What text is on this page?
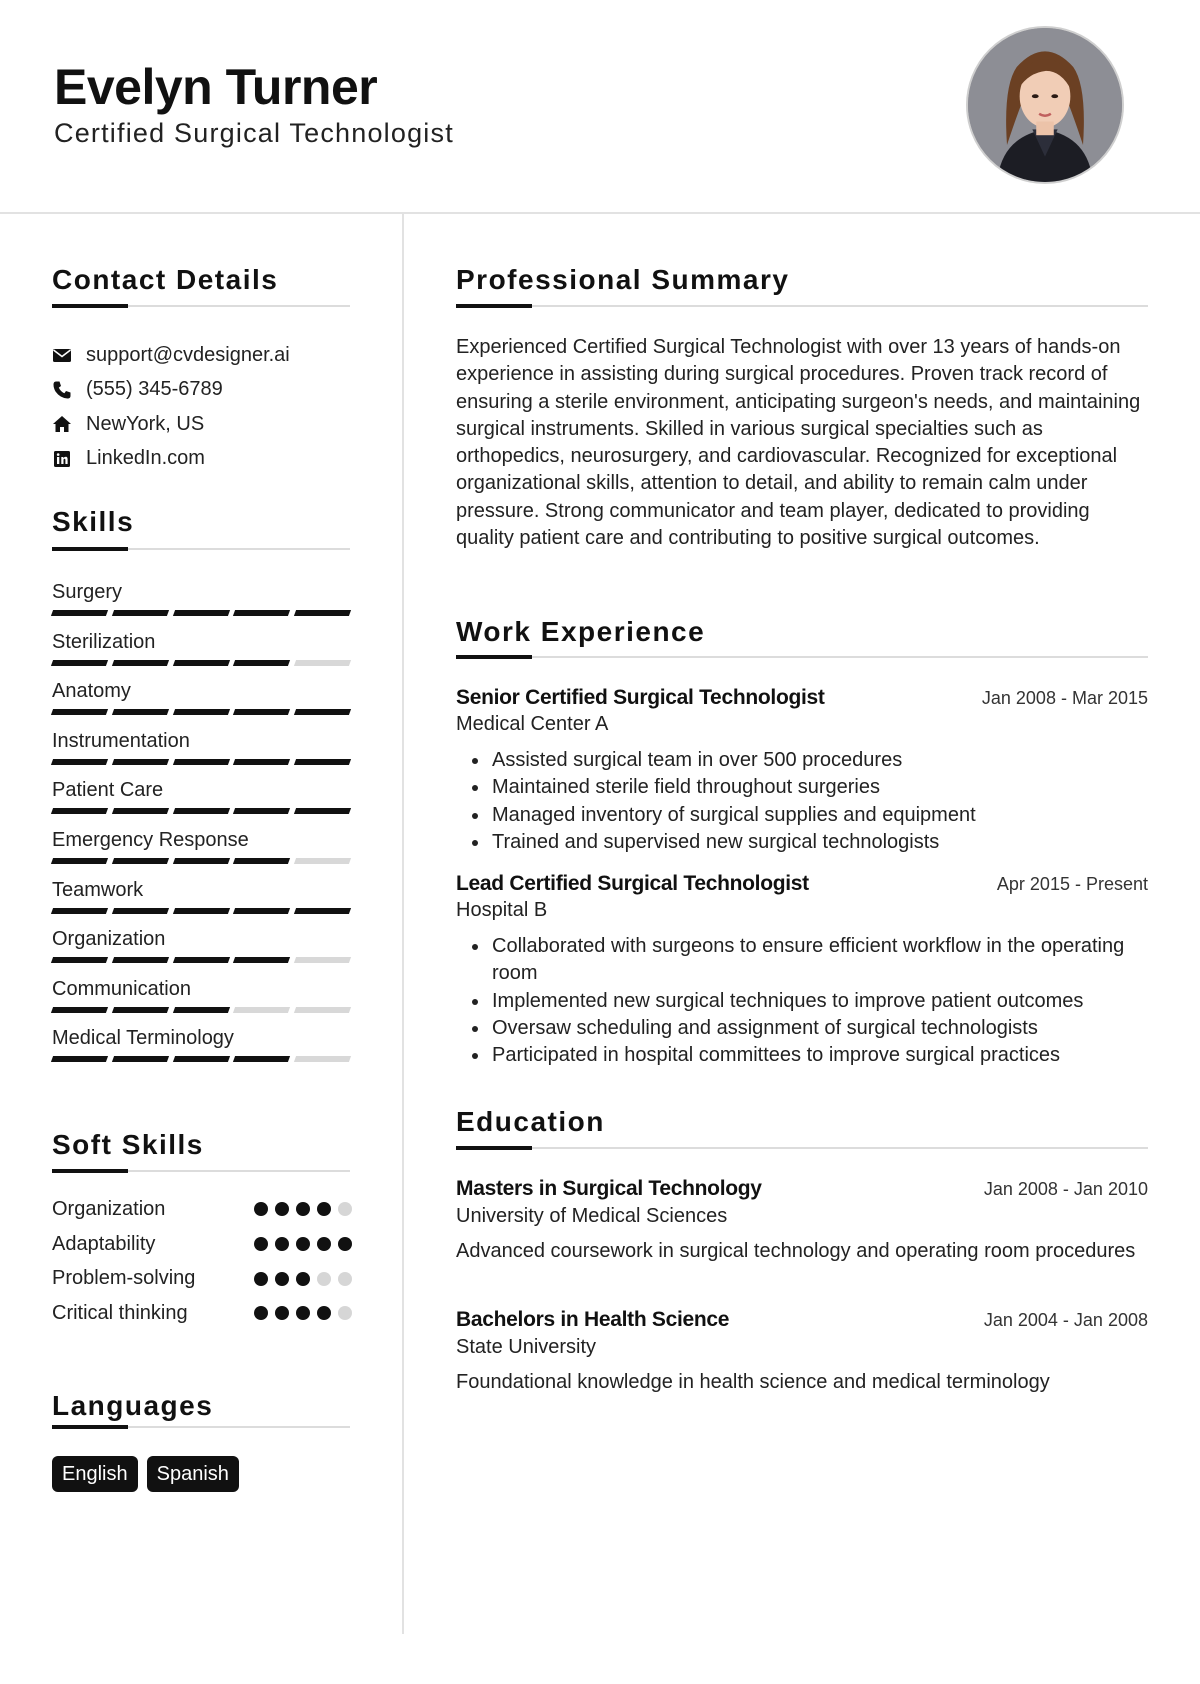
Evelyn Turner
Certified Surgical Technologist
Contact Details
support@cvdesigner.ai
(555) 345-6789
NewYork, US
LinkedIn.com
Skills
Surgery
Sterilization
Anatomy
Instrumentation
Patient Care
Emergency Response
Teamwork
Organization
Communication
Medical Terminology
Soft Skills
Organization
Adaptability
Problem-solving
Critical thinking
Languages
English	Spanish
Professional Summary

Experienced Certified Surgical Technologist with over 13 years of hands-on experience in assisting during surgical procedures. Proven track record of ensuring a sterile environment, anticipating surgeon's needs, and maintaining surgical instruments. Skilled in various surgical specialties such as orthopedics, neurosurgery, and cardiovascular. Recognized for exceptional organizational skills, attention to detail, and ability to remain calm under pressure. Strong communicator and team player, dedicated to providing quality patient care and contributing to positive surgical outcomes.

Work Experience
Senior Certified Surgical Technologist	Jan 2008 - Mar 2015
Medical Center A
Assisted surgical team in over 500 procedures
Maintained sterile field throughout surgeries
Managed inventory of surgical supplies and equipment
Trained and supervised new surgical technologists
Lead Certified Surgical Technologist	Apr 2015 - Present
Hospital B
Collaborated with surgeons to ensure efficient workflow in the operating room
Implemented new surgical techniques to improve patient outcomes
Oversaw scheduling and assignment of surgical technologists
Participated in hospital committees to improve surgical practices
Education
Masters in Surgical Technology	Jan 2008 - Jan 2010
University of Medical Sciences

Advanced coursework in surgical technology and operating room procedures

Bachelors in Health Science	Jan 2004 - Jan 2008
State University

Foundational knowledge in health science and medical terminology
